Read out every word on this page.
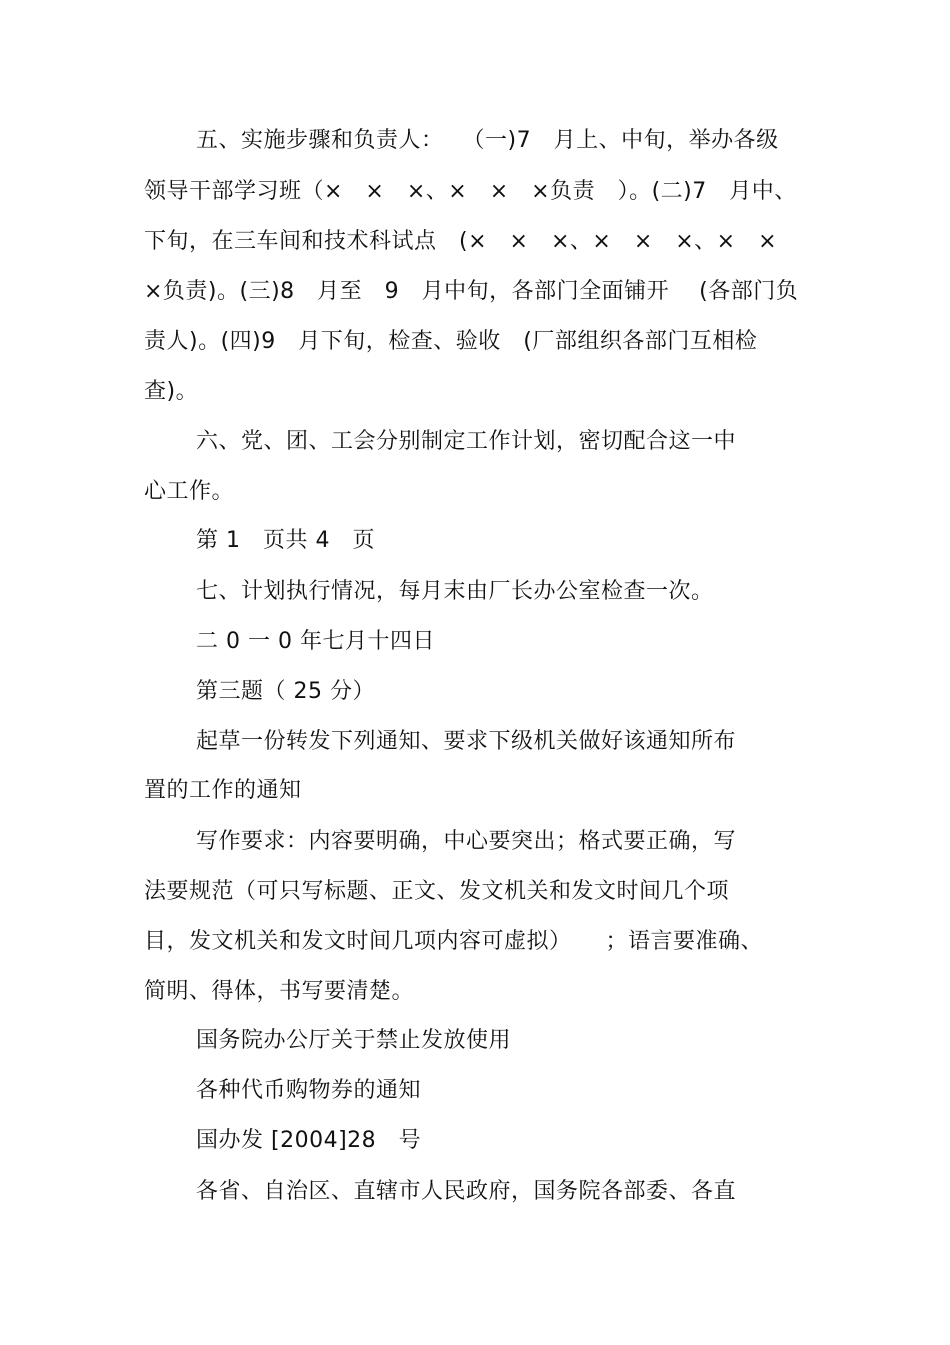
五、实施步骤和负责人：　 （一)7　月上、中旬，举办各级
领导干部学习班（×　×　×、×　×　×负责　）。(二)7　月中、
下旬，在三车间和技术科试点　(×　×　×、×　×　×、×　×
×负责)。(三)8　月至　9　月中旬，各部门全面铺开　 (各部门负
责人)。(四)9　月下旬，检查、验收　(厂部组织各部门互相检
查)。
六、党、团、工会分别制定工作计划，密切配合这一中
心工作。
第 1　页共 4　页
七、计划执行情况，每月末由厂长办公室检查一次。
二 0 一 0 年七月十四日
第三题（ 25 分）
起草一份转发下列通知、要求下级机关做好该通知所布
置的工作的通知
写作要求：内容要明确，中心要突出；格式要正确，写
法要规范（可只写标题、正文、发文机关和发文时间几个项
目，发文机关和发文时间几项内容可虚拟）　　；语言要准确、
简明、得体，书写要清楚。
国务院办公厅关于禁止发放使用
各种代币购物券的通知
国办发 [2004]28　号
各省、自治区、直辖市人民政府，国务院各部委、各直
